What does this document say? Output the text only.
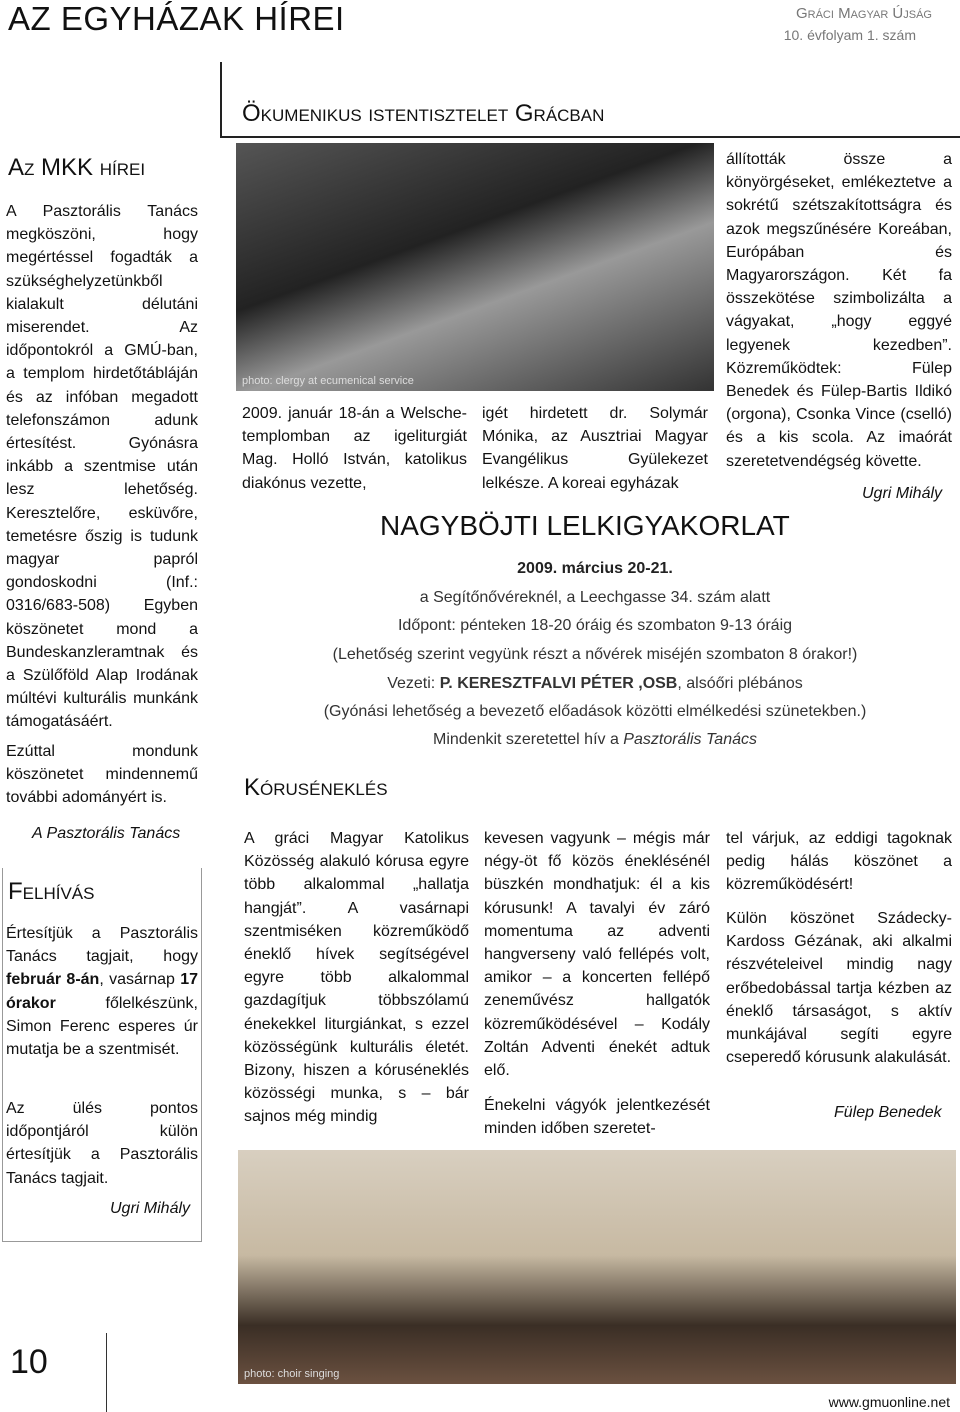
AZ EGYHÁZAK HÍREI	Gráci Magyar Újság
10. évfolyam 1. szám
Az MKK hírei
A Pasztorális Tanács megköszöni, hogy megértéssel fogadták a szükséghelyzetünkből kialakult délutáni miserendet. Az időpontokról a GMÚ-ban, a templom hirdetőtábláján és az infóban megadott telefonszámon adunk értesítést. Gyónásra inkább a szentmise után lesz lehetőség. Keresztelőre, esküvőre, temetésre őszig is tudunk magyar papról gondoskodni (Inf.: 0316/683-508) Egyben köszönetet mond a Bundeskanzleramtnak és a Szülőföld Alap Irodának múltévi kulturális munkánk támogatásáért.
Ezúttal mondunk köszönetet mindennemű további adományért is.
A Pasztorális Tanács
Felhívás
Értesítjük a Pasztorális Tanács tagjait, hogy február 8-án, vasárnap 17 órakor főlelkészünk, Simon Ferenc esperes úr mutatja be a szentmisét.
Az ülés pontos időpontjáról külön értesítjük a Pasztorális Tanács tagjait.
Ugri Mihály
Ökumenikus istentisztelet Grácban
photo: clergy at ecumenical service
2009. január 18-án a Welsche-templomban az igeliturgiát Mag. Holló István, katolikus diakónus vezette,
igét hirdetett dr. Solymár Mónika, az Ausztriai Magyar Evangélikus Gyülekezet lelkésze. A koreai egyházak
állították össze a könyörgéseket, emlékeztetve a sokrétű szétszakítottságra és azok megszűnésére Koreában, Európában és Magyarországon. Két fa összekötése szimbolizálta a vágyakat, „hogy eggyé legyenek kezedben”. Közreműködtek: Fülep Benedek és Fülep-Bartis Ildikó (orgona), Csonka Vince (cselló) és a kis scola. Az imaórát szeretetvendégség követte.
Ugri Mihály
NAGYBÖJTI LELKIGYAKORLAT
2009. március 20-21.
a Segítőnővéreknél, a Leechgasse 34. szám alatt
Időpont: pénteken 18-20 óráig és szombaton 9-13 óráig
(Lehetőség szerint vegyünk részt a nővérek miséjén szombaton 8 órakor!)
Vezeti: P. KERESZTFALVI PÉTER ,OSB, alsóőri plébános
(Gyónási lehetőség a bevezető előadások közötti elmélkedési szünetekben.)
Mindenkit szeretettel hív a Pasztorális Tanács
Kóruséneklés
A gráci Magyar Katolikus Közösség alakuló kórusa egyre több alkalommal „hallatja hangját”. A vasárnapi szentmiséken közreműködő éneklő hívek segítségével egyre több alkalommal gazdagítjuk többszólamú énekekkel liturgiánkat, s ezzel közösségünk kulturális életét. Bizony, hiszen a kóruséneklés közösségi munka, s – bár sajnos még mindig
kevesen vagyunk – mégis már négy-öt fő közös éneklésénél büszkén mondhatjuk: él a kis kórusunk! A tavalyi év záró momentuma az adventi hangverseny való fellépés volt, amikor – a koncerten fellépő zeneművész hallgatók közreműködésével – Kodály Zoltán Adventi énekét adtuk elő.
Énekelni vágyók jelentkezését minden időben szeretet-
tel várjuk, az eddigi tagoknak pedig hálás köszönet a közreműködésért!
Külön köszönet Szádecky-Kardoss Gézának, aki alkalmi részvételeivel mindig nagy erőbedobással tartja kézben az éneklő társaságot, s aktív munkájával segíti egyre cseperedő kórusunk alakulását.
Fülep Benedek
photo: choir singing
10
www.gmuonline.net
